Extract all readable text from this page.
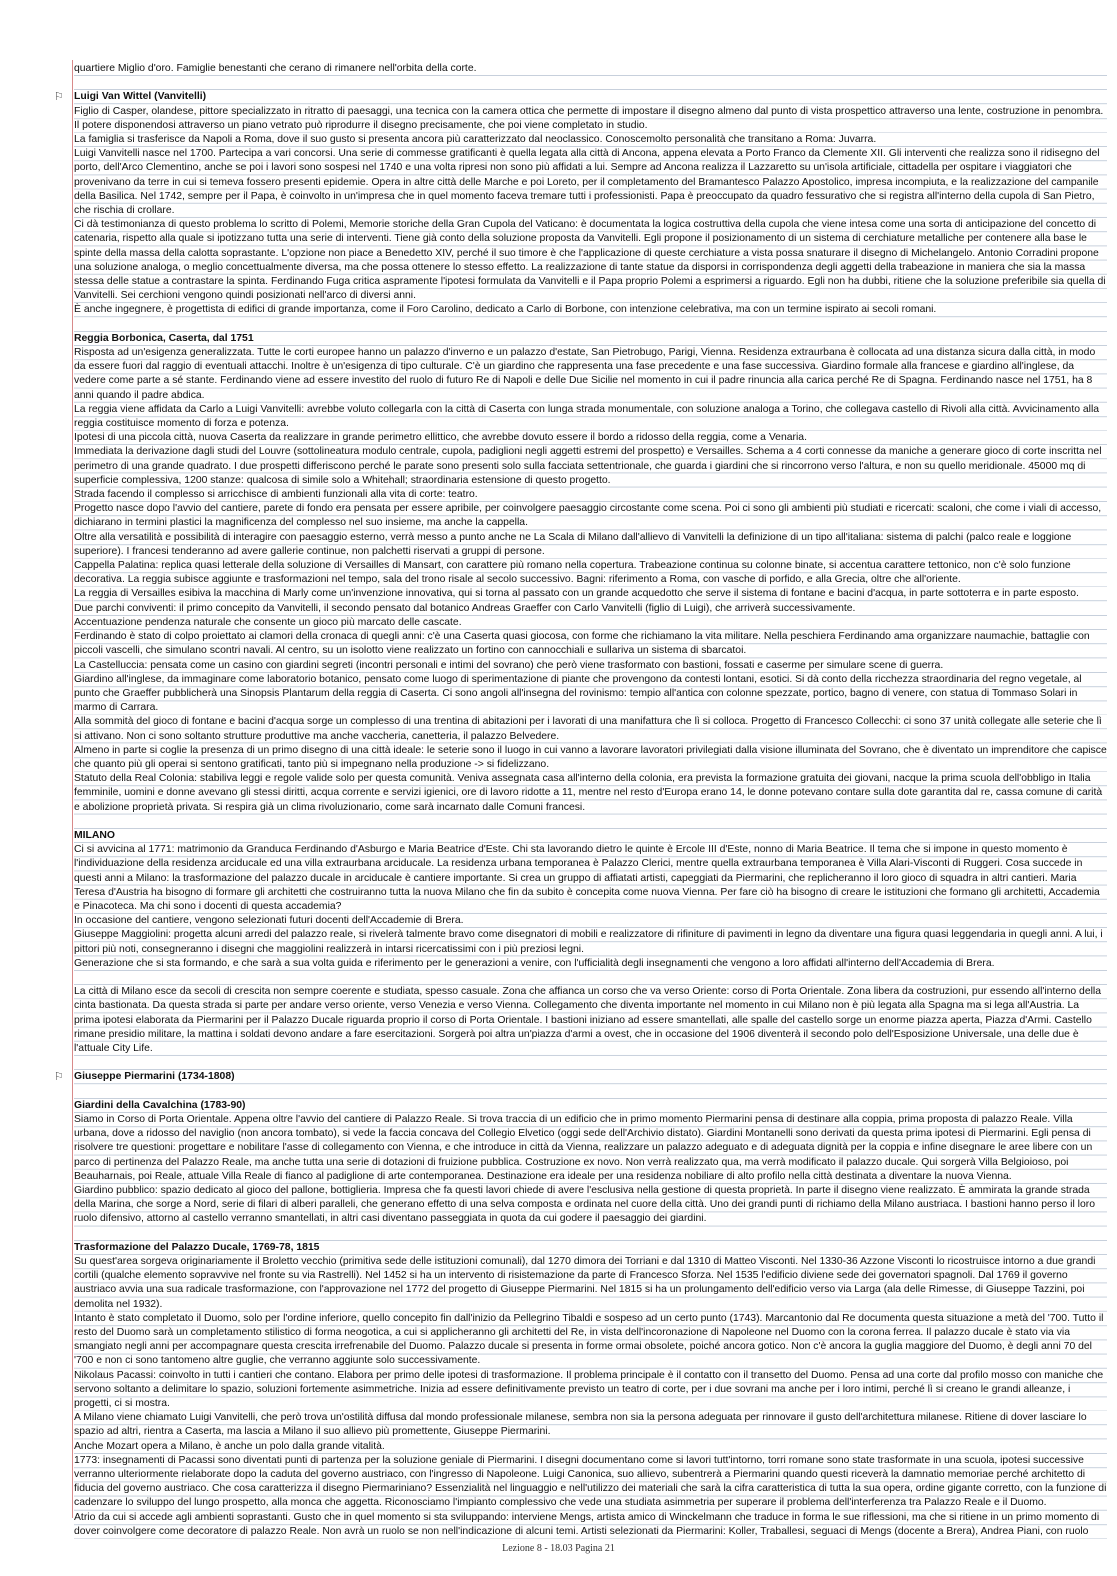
quartiere Miglio d'oro. Famiglie benestanti che cerano di rimanere nell'orbita della corte.

Luigi Van Wittel (Vanvitelli)

Figlio di Casper, olandese, pittore specializzato in ritratto di paesaggi, una tecnica con la camera ottica che permette di impostare il disegno almeno dal punto di vista prospettico attraverso una lente, costruzione in penombra. Il potere disponendosi attraverso un piano vetrato può riprodurre il disegno precisamente, che poi viene completato in studio.

La famiglia si trasferisce da Napoli a Roma, dove il suo gusto si presenta ancora più caratterizzato dal neoclassico. Conoscemolto personalità che transitano a Roma: Juvarra.

Luigi Vanvitelli nasce nel 1700. Partecipa a vari concorsi. Una serie di commesse gratificanti è quella legata alla città di Ancona, appena elevata a Porto Franco da Clemente XII. Gli interventi che realizza sono il ridisegno del porto, dell'Arco Clementino, anche se poi i lavori sono sospesi nel 1740 e una volta ripresi non sono più affidati a lui. Sempre ad Ancona realizza il Lazzaretto su un'isola artificiale, cittadella per ospitare i viaggiatori che provenivano da terre in cui si temeva fossero presenti epidemie. Opera in altre città delle Marche e poi Loreto, per il completamento del Bramantesco Palazzo Apostolico, impresa incompiuta, e la realizzazione del campanile della Basilica. Nel 1742, sempre per il Papa, è coinvolto in un'impresa che in quel momento faceva tremare tutti i professionisti. Papa è preoccupato da quadro fessurativo che si registra all'interno della cupola di San Pietro, che rischia di crollare.

Ci dà testimonianza di questo problema lo scritto di Polemi, Memorie storiche della Gran Cupola del Vaticano: è documentata la logica costruttiva della cupola che viene intesa come una sorta di anticipazione del concetto di catenaria, rispetto alla quale si ipotizzano tutta una serie di interventi. Tiene già conto della soluzione proposta da Vanvitelli. Egli propone il posizionamento di un sistema di cerchiature metalliche per contenere alla base le spinte della massa della calotta soprastante. L'opzione non piace a Benedetto XIV, perché il suo timore è che l'applicazione di queste cerchiature a vista possa snaturare il disegno di Michelangelo. Antonio Corradini propone una soluzione analoga, o meglio concettualmente diversa, ma che possa ottenere lo stesso effetto. La realizzazione di tante statue da disporsi in corrispondenza degli aggetti della trabeazione in maniera che sia la massa stessa delle statue a contrastare la spinta. Ferdinando Fuga critica aspramente l'ipotesi formulata da Vanvitelli e il Papa proprio Polemi a esprimersi a riguardo. Egli non ha dubbi, ritiene che la soluzione preferibile sia quella di Vanvitelli. Sei cerchioni vengono quindi posizionati nell'arco di diversi anni.

È anche ingegnere, è progettista di edifici di grande importanza, come il Foro Carolino, dedicato a Carlo di Borbone, con intenzione celebrativa, ma con un termine ispirato ai secoli romani.

Reggia Borbonica, Caserta, dal 1751

Risposta ad un'esigenza generalizzata. Tutte le corti europee hanno un palazzo d'inverno e un palazzo d'estate, San Pietrobugo, Parigi, Vienna. Residenza extraurbana è collocata ad una distanza sicura dalla città, in modo da essere fuori dal raggio di eventuali attacchi. Inoltre è un'esigenza di tipo culturale. C'è un giardino che rappresenta una fase precedente e una fase successiva. Giardino formale alla francese e giardino all'inglese, da vedere come parte a sé stante. Ferdinando viene ad essere investito del ruolo di futuro Re di Napoli e delle Due Sicilie nel momento in cui il padre rinuncia alla carica perché Re di Spagna. Ferdinando nasce nel 1751, ha 8 anni quando il padre abdica.

La reggia viene affidata da Carlo a Luigi Vanvitelli: avrebbe voluto collegarla con la città di Caserta con lunga strada monumentale, con soluzione analoga a Torino, che collegava castello di Rivoli alla città. Avvicinamento alla reggia costituisce momento di forza e potenza.

Ipotesi di una piccola città, nuova Caserta da realizzare in grande perimetro ellittico, che avrebbe dovuto essere il bordo a ridosso della reggia, come a Venaria.

Immediata la derivazione dagli studi del Louvre (sottolineatura modulo centrale, cupola, padiglioni negli aggetti estremi del prospetto) e Versailles. Schema a 4 corti connesse da maniche a generare gioco di corte inscritta nel perimetro di una grande quadrato. I due prospetti differiscono perché le parate sono presenti solo sulla facciata settentrionale, che guarda i giardini che si rincorrono verso l'altura, e non su quello meridionale. 45000 mq di superficie complessiva, 1200 stanze: qualcosa di simile solo a Whitehall; straordinaria estensione di questo progetto.

Strada facendo il complesso si arricchisce di ambienti funzionali alla vita di corte: teatro.

Progetto nasce dopo l'avvio del cantiere, parete di fondo era pensata per essere apribile, per coinvolgere paesaggio circostante come scena. Poi ci sono gli ambienti più studiati e ricercati: scaloni, che come i viali di accesso, dichiarano in termini plastici la magnificenza del complesso nel suo insieme, ma anche la cappella.

Oltre alla versatilità e possibilità di interagire con paesaggio esterno, verrà messo a punto anche ne La Scala di Milano dall'allievo di Vanvitelli la definizione di un tipo all'italiana: sistema di palchi (palco reale e loggione superiore). I francesi tenderanno ad avere gallerie continue, non palchetti riservati a gruppi di persone.

Cappella Palatina: replica quasi letterale della soluzione di Versailles di Mansart, con carattere più romano nella copertura. Trabeazione continua su colonne binate, si accentua carattere tettonico, non c'è solo funzione decorativa. La reggia subisce aggiunte e trasformazioni nel tempo, sala del trono risale al secolo successivo. Bagni: riferimento a Roma, con vasche di porfido, e alla Grecia, oltre che all'oriente.

La reggia di Versailles esibiva la macchina di Marly come un'invenzione innovativa, qui si torna al passato con un grande acquedotto che serve il sistema di fontane e bacini d'acqua, in parte sottoterra e in parte esposto.

Due parchi conviventi: il primo concepito da Vanvitelli, il secondo pensato dal botanico Andreas Graeffer con Carlo Vanvitelli (figlio di Luigi), che arriverà successivamente.

Accentuazione pendenza naturale che consente un gioco più marcato delle cascate.

Ferdinando è stato di colpo proiettato ai clamori della cronaca di quegli anni: c'è una Caserta quasi giocosa, con forme che richiamano la vita militare. Nella peschiera Ferdinando ama organizzare naumachie, battaglie con piccoli vascelli, che simulano scontri navali. Al centro, su un isolotto viene realizzato un fortino con cannocchiali e sullariva un sistema di sbarcatoi.

La Castelluccia: pensata come un casino con giardini segreti (incontri personali e intimi del sovrano) che però viene trasformato con bastioni, fossati e caserme per simulare scene di guerra.

Giardino all'inglese, da immaginare come laboratorio botanico, pensato come luogo di sperimentazione di piante che provengono da contesti lontani, esotici. Si dà conto della ricchezza straordinaria del regno vegetale, al punto che Graeffer pubblicherà una Sinopsis Plantarum della reggia di Caserta. Ci sono angoli all'insegna del rovinismo: tempio all'antica con colonne spezzate, portico, bagno di venere, con statua di Tommaso Solari in marmo di Carrara.

Alla sommità del gioco di fontane e bacini d'acqua sorge un complesso di una trentina di abitazioni per i lavorati di una manifattura che lì si colloca. Progetto di Francesco Collecchi: ci sono 37 unità collegate alle seterie che lì si attivano. Non ci sono soltanto strutture produttive ma anche vaccheria, canetteria, il palazzo Belvedere.

Almeno in parte si coglie la presenza di un primo disegno di una città ideale: le seterie sono il luogo in cui vanno a lavorare lavoratori privilegiati dalla visione illuminata del Sovrano, che è diventato un imprenditore che capisce che quanto più gli operai si sentono gratificati, tanto più si impegnano nella produzione -> si fidelizzano.

Statuto della Real Colonia: stabiliva leggi e regole valide solo per questa comunità. Veniva assegnata casa all'interno della colonia, era prevista la formazione gratuita dei giovani, nacque la prima scuola dell'obbligo in Italia femminile, uomini e donne avevano gli stessi diritti, acqua corrente e servizi igienici, ore di lavoro ridotte a 11, mentre nel resto d'Europa erano 14, le donne potevano contare sulla dote garantita dal re, cassa comune di carità e abolizione proprietà privata. Si respira già un clima rivoluzionario, come sarà incarnato dalle Comuni francesi.

MILANO

Ci si avvicina al 1771: matrimonio da Granduca Ferdinando d'Asburgo e Maria Beatrice d'Este. Chi sta lavorando dietro le quinte è Ercole III d'Este, nonno di Maria Beatrice. Il tema che si impone in questo momento è l'individuazione della residenza arciducale ed una villa extraurbana arciducale. La residenza urbana temporanea è Palazzo Clerici, mentre quella extraurbana temporanea è Villa Alari-Visconti di Ruggeri. Cosa succede in questi anni a Milano: la trasformazione del palazzo ducale in arciducale è cantiere importante. Si crea un gruppo di affiatati artisti, capeggiati da Piermarini, che replicheranno il loro gioco di squadra in altri cantieri. Maria Teresa d'Austria ha bisogno di formare gli architetti che costruiranno tutta la nuova Milano che fin da subito è concepita come nuova Vienna. Per fare ciò ha bisogno di creare le istituzioni che formano gli architetti, Accademia e Pinacoteca. Ma chi sono i docenti di questa accademia?

In occasione del cantiere, vengono selezionati futuri docenti dell'Accademie di Brera.

Giuseppe Maggiolini: progetta alcuni arredi del palazzo reale, si rivelerà talmente bravo come disegnatori di mobili e realizzatore di rifiniture di pavimenti in legno da diventare una figura quasi leggendaria in quegli anni. A lui, i pittori più noti, consegneranno i disegni che maggiolini realizzerà in intarsi ricercatissimi con i più preziosi legni.

Generazione che si sta formando, e che sarà a sua volta guida e riferimento per le generazioni a venire, con l'ufficialità degli insegnamenti che vengono a loro affidati all'interno dell'Accademia di Brera.

La città di Milano esce da secoli di crescita non sempre coerente e studiata, spesso casuale. Zona che affianca un corso che va verso Oriente: corso di Porta Orientale. Zona libera da costruzioni, pur essendo all'interno della cinta bastionata. Da questa strada si parte per andare verso oriente, verso Venezia e verso Vienna. Collegamento che diventa importante nel momento in cui Milano non è più legata alla Spagna ma si lega all'Austria. La prima ipotesi elaborata da Piermarini per il Palazzo Ducale riguarda proprio il corso di Porta Orientale. I bastioni iniziano ad essere smantellati, alle spalle del castello sorge un enorme piazza aperta, Piazza d'Armi. Castello rimane presidio militare, la mattina i soldati devono andare a fare esercitazioni. Sorgerà poi altra un'piazza d'armi a ovest, che in occasione del 1906 diventerà il secondo polo dell'Esposizione Universale, una delle due è l'attuale City Life.

Giuseppe Piermarini (1734-1808)

Giardini della Cavalchina (1783-90)

Siamo in Corso di Porta Orientale. Appena oltre l'avvio del cantiere di Palazzo Reale. Si trova traccia di un edificio che in primo momento Piermarini pensa di destinare alla coppia, prima proposta di palazzo Reale. Villa urbana, dove a ridosso del naviglio (non ancora tombato), si vede la faccia concava del Collegio Elvetico (oggi sede dell'Archivio distato). Giardini Montanelli sono derivati da questa prima ipotesi di Piermarini. Egli pensa di risolvere tre questioni: progettare e nobilitare l'asse di collegamento con Vienna, e che introduce in città da Vienna, realizzare un palazzo adeguato e di adeguata dignità per la coppia e infine disegnare le aree libere con un parco di pertinenza del Palazzo Reale, ma anche tutta una serie di dotazioni di fruizione pubblica. Costruzione ex novo. Non verrà realizzato qua, ma verrà modificato il palazzo ducale. Qui sorgerà Villa Belgioioso, poi Beauharnais, poi Reale, attuale Villa Reale di fianco al padiglione di arte contemporanea. Destinazione era ideale per una residenza nobiliare di alto profilo nella città destinata a diventare la nuova Vienna.

Giardino pubblico: spazio dedicato al gioco del pallone, bottiglieria. Impresa che fa questi lavori chiede di avere l'esclusiva nella gestione di questa proprietà. In parte il disegno viene realizzato. È ammirata la grande strada della Marina, che sorge a Nord, serie di filari di alberi paralleli, che generano effetto di una selva composta e ordinata nel cuore della città. Uno dei grandi punti di richiamo della Milano austriaca. I bastioni hanno perso il loro ruolo difensivo, attorno al castello verranno smantellati, in altri casi diventano passeggiata in quota da cui godere il paesaggio dei giardini.

Trasformazione del Palazzo Ducale, 1769-78, 1815

Su quest'area sorgeva originariamente il Broletto vecchio (primitiva sede delle istituzioni comunali), dal 1270 dimora dei Torriani e dal 1310 di Matteo Visconti. Nel 1330-36 Azzone Visconti lo ricostruisce intorno a due grandi cortili (qualche elemento sopravvive nel fronte su via Rastrelli). Nel 1452 si ha un intervento di risistemazione da parte di Francesco Sforza. Nel 1535 l'edificio diviene sede dei governatori spagnoli. Dal 1769 il governo austriaco avvia una sua radicale trasformazione, con l'approvazione nel 1772 del progetto di Giuseppe Piermarini. Nel 1815 si ha un prolungamento dell'edificio verso via Larga (ala delle Rimesse, di Giuseppe Tazzini, poi demolita nel 1932).

Intanto è stato completato il Duomo, solo per l'ordine inferiore, quello concepito fin dall'inizio da Pellegrino Tibaldi e sospeso ad un certo punto (1743). Marcantonio dal Re documenta questa situazione a metà del '700. Tutto il resto del Duomo sarà un completamento stilistico di forma neogotica, a cui si applicheranno gli architetti del Re, in vista dell'incoronazione di Napoleone nel Duomo con la corona ferrea. Il palazzo ducale è stato via via smangiato negli anni per accompagnare questa crescita irrefrenabile del Duomo. Palazzo ducale si presenta in forme ormai obsolete, poiché ancora gotico. Non c'è ancora la guglia maggiore del Duomo, è degli anni 70 del '700 e non ci sono tantomeno altre guglie, che verranno aggiunte solo successivamente.

Nikolaus Pacassi: coinvolto in tutti i cantieri che contano. Elabora per primo delle ipotesi di trasformazione. Il problema principale è il contatto con il transetto del Duomo. Pensa ad una corte dal profilo mosso con maniche che servono soltanto a delimitare lo spazio, soluzioni fortemente asimmetriche. Inizia ad essere definitivamente previsto un teatro di corte, per i due sovrani ma anche per i loro intimi, perché lì si creano le grandi alleanze, i progetti, ci si mostra.

A Milano viene chiamato Luigi Vanvitelli, che però trova un'ostilità diffusa dal mondo professionale milanese, sembra non sia la persona adeguata per rinnovare il gusto dell'architettura milanese. Ritiene di dover lasciare lo spazio ad altri, rientra a Caserta, ma lascia a Milano il suo allievo più promettente, Giuseppe Piermarini.

Anche Mozart opera a Milano, è anche un polo dalla grande vitalità.

1773: insegnamenti di Pacassi sono diventati punti di partenza per la soluzione geniale di Piermarini. I disegni documentano come si lavori tutt'intorno, torri romane sono state trasformate in una scuola, ipotesi successive verranno ulteriormente rielaborate dopo la caduta del governo austriaco, con l'ingresso di Napoleone. Luigi Canonica, suo allievo, subentrerà a Piermarini quando questi riceverà la damnatio memoriae perché architetto di fiducia del governo austriaco. Che cosa caratterizza il disegno Piermariniano? Essenzialità nel linguaggio e nell'utilizzo dei materiali che sarà la cifra caratteristica di tutta la sua opera, ordine gigante corretto, con la funzione di cadenzare lo sviluppo del lungo prospetto, alla monca che aggetta. Riconosciamo l'impianto complessivo che vede una studiata asimmetria per superare il problema dell'interferenza tra Palazzo Reale e il Duomo.

Atrio da cui si accede agli ambienti soprastanti. Gusto che in quel momento si sta sviluppando: interviene Mengs, artista amico di Winckelmann che traduce in forma le sue riflessioni, ma che si ritiene in un primo momento di dover coinvolgere come decoratore di palazzo Reale. Non avrà un ruolo se non nell'indicazione di alcuni temi. Artisti selezionati da Piermarini: Koller, Traballesi, seguaci di Mengs (docente a Brera), Andrea Piani, con ruolo

Lezione 8 - 18.03 Pagina 21
⚐
⚐
